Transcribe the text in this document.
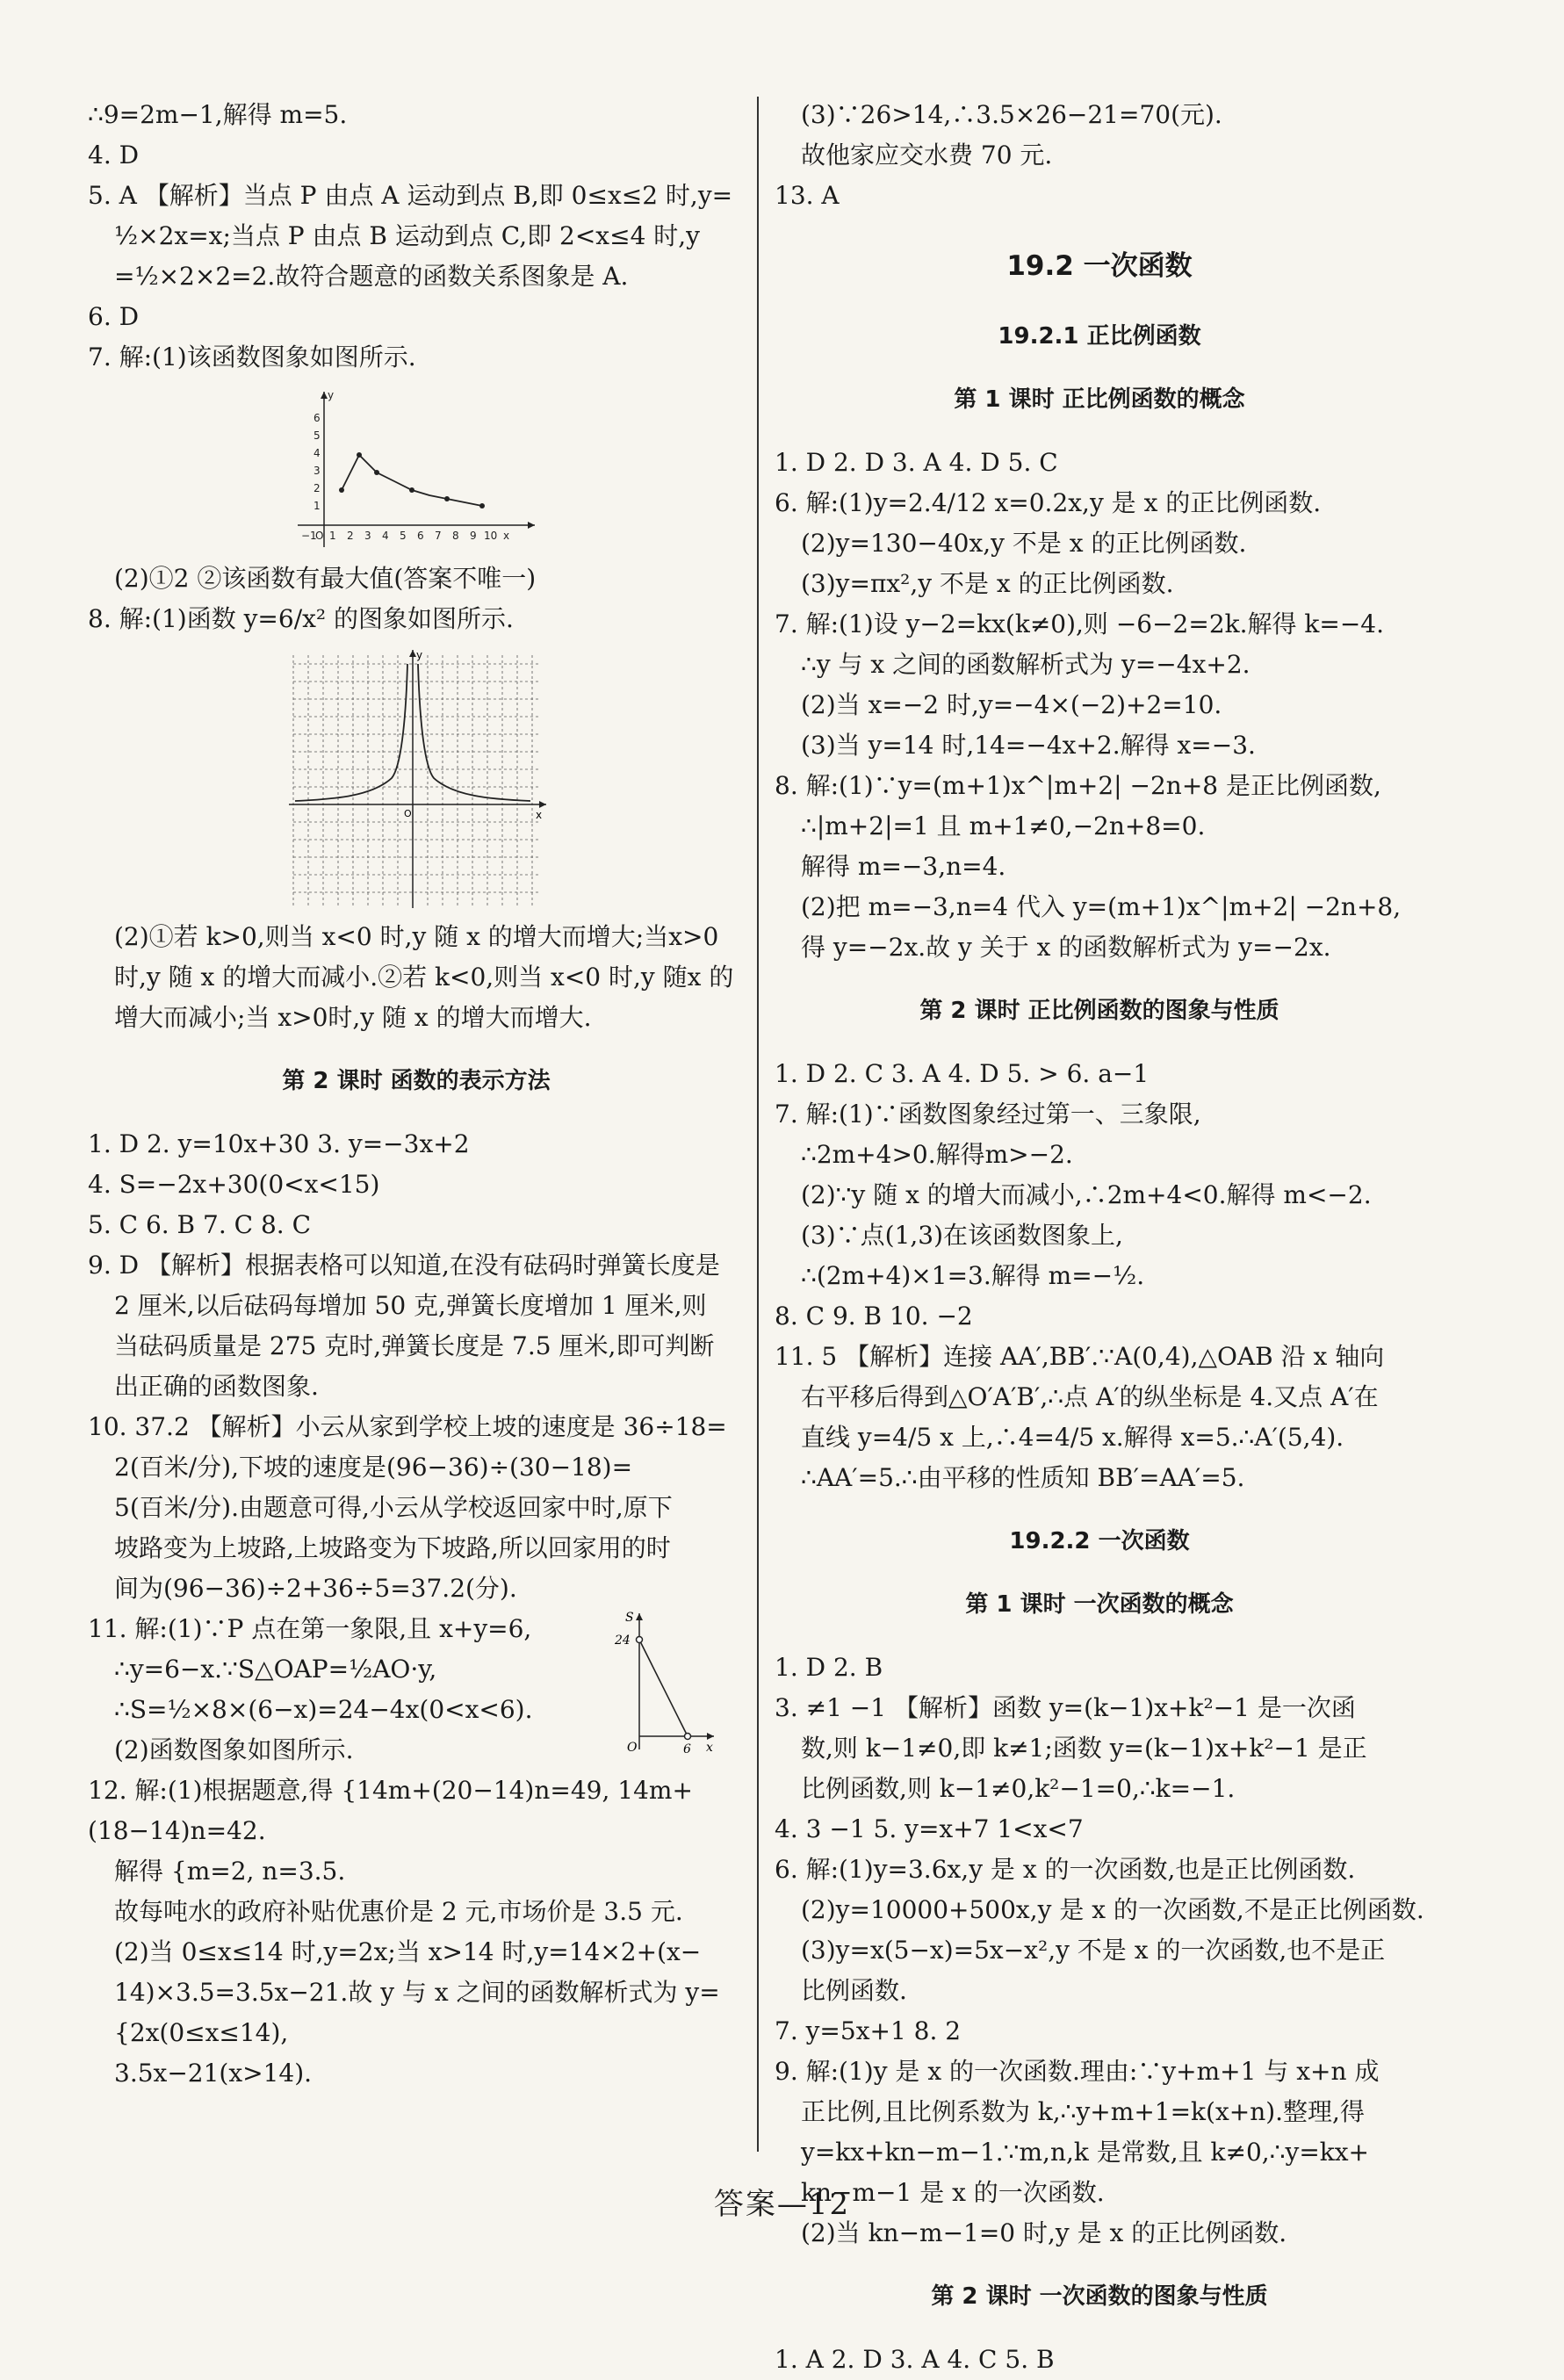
∴9=2m−1,解得 m=5.

4. D

5. A 【解析】当点 P 由点 A 运动到点 B,即 0≤x≤2 时,y=

½×2x=x;当点 P 由点 B 运动到点 C,即 2<x≤4 时,y

=½×2×2=2.故符合题意的函数关系图象是 A.

6. D

7. 解:(1)该函数图象如图所示.

O 1 2 3 4 5 6 7 8 9 10 x
1
2
3
4
5
6
y
−1

(2)①2 ②该函数有最大值(答案不唯一)

8. 解:(1)函数 y=6/x² 的图象如图所示.

y
x
O

(2)①若 k>0,则当 x<0 时,y 随 x 的增大而增大;当x>0

时,y 随 x 的增大而减小.②若 k<0,则当 x<0 时,y 随x 的

增大而减小;当 x>0时,y 随 x 的增大而增大.

第 2 课时 函数的表示方法

1. D 2. y=10x+30 3. y=−3x+2

4. S=−2x+30(0<x<15)

5. C 6. B 7. C 8. C

9. D 【解析】根据表格可以知道,在没有砝码时弹簧长度是

2 厘米,以后砝码每增加 50 克,弹簧长度增加 1 厘米,则

当砝码质量是 275 克时,弹簧长度是 7.5 厘米,即可判断

出正确的函数图象.

10. 37.2 【解析】小云从家到学校上坡的速度是 36÷18=

2(百米/分),下坡的速度是(96−36)÷(30−18)=

5(百米/分).由题意可得,小云从学校返回家中时,原下

坡路变为上坡路,上坡路变为下坡路,所以回家用的时

间为(96−36)÷2+36÷5=37.2(分).

11. 解:(1)∵P 点在第一象限,且 x+y=6,

∴y=6−x.∵S△OAP=½AO·y,

∴S=½×8×(6−x)=24−4x(0<x<6).

(2)函数图象如图所示.

S
24
O	6 x

12. 解:(1)根据题意,得 {14m+(20−14)n=49, 14m+(18−14)n=42.

解得 {m=2, n=3.5.

故每吨水的政府补贴优惠价是 2 元,市场价是 3.5 元.

(2)当 0≤x≤14 时,y=2x;当 x>14 时,y=14×2+(x−

14)×3.5=3.5x−21.故 y 与 x 之间的函数解析式为 y=

{2x(0≤x≤14),

3.5x−21(x>14).

(3)∵26>14,∴3.5×26−21=70(元).

故他家应交水费 70 元.

13. A

19.2 一次函数

19.2.1 正比例函数

第 1 课时 正比例函数的概念

1. D 2. D 3. A 4. D 5. C

6. 解:(1)y=2.4/12 x=0.2x,y 是 x 的正比例函数.

(2)y=130−40x,y 不是 x 的正比例函数.

(3)y=πx²,y 不是 x 的正比例函数.

7. 解:(1)设 y−2=kx(k≠0),则 −6−2=2k.解得 k=−4.

∴y 与 x 之间的函数解析式为 y=−4x+2.

(2)当 x=−2 时,y=−4×(−2)+2=10.

(3)当 y=14 时,14=−4x+2.解得 x=−3.

8. 解:(1)∵y=(m+1)x^|m+2| −2n+8 是正比例函数,

∴|m+2|=1 且 m+1≠0,−2n+8=0.

解得 m=−3,n=4.

(2)把 m=−3,n=4 代入 y=(m+1)x^|m+2| −2n+8,

得 y=−2x.故 y 关于 x 的函数解析式为 y=−2x.

第 2 课时 正比例函数的图象与性质

1. D 2. C 3. A 4. D 5. > 6. a−1

7. 解:(1)∵函数图象经过第一、三象限,

∴2m+4>0.解得m>−2.

(2)∵y 随 x 的增大而减小,∴2m+4<0.解得 m<−2.

(3)∵点(1,3)在该函数图象上,

∴(2m+4)×1=3.解得 m=−½.

8. C 9. B 10. −2

11. 5 【解析】连接 AA′,BB′.∵A(0,4),△OAB 沿 x 轴向

右平移后得到△O′A′B′,∴点 A′的纵坐标是 4.又点 A′在

直线 y=4/5 x 上,∴4=4/5 x.解得 x=5.∴A′(5,4).

∴AA′=5.∴由平移的性质知 BB′=AA′=5.

19.2.2 一次函数

第 1 课时 一次函数的概念

1. D 2. B

3. ≠1 −1 【解析】函数 y=(k−1)x+k²−1 是一次函

数,则 k−1≠0,即 k≠1;函数 y=(k−1)x+k²−1 是正

比例函数,则 k−1≠0,k²−1=0,∴k=−1.

4. 3 −1 5. y=x+7 1<x<7

6. 解:(1)y=3.6x,y 是 x 的一次函数,也是正比例函数.

(2)y=10000+500x,y 是 x 的一次函数,不是正比例函数.

(3)y=x(5−x)=5x−x²,y 不是 x 的一次函数,也不是正

比例函数.

7. y=5x+1 8. 2

9. 解:(1)y 是 x 的一次函数.理由:∵y+m+1 与 x+n 成

正比例,且比例系数为 k,∴y+m+1=k(x+n).整理,得

y=kx+kn−m−1.∵m,n,k 是常数,且 k≠0,∴y=kx+

kn−m−1 是 x 的一次函数.

(2)当 kn−m−1=0 时,y 是 x 的正比例函数.

第 2 课时 一次函数的图象与性质

1. A 2. D 3. A 4. C 5. B

答案—12
